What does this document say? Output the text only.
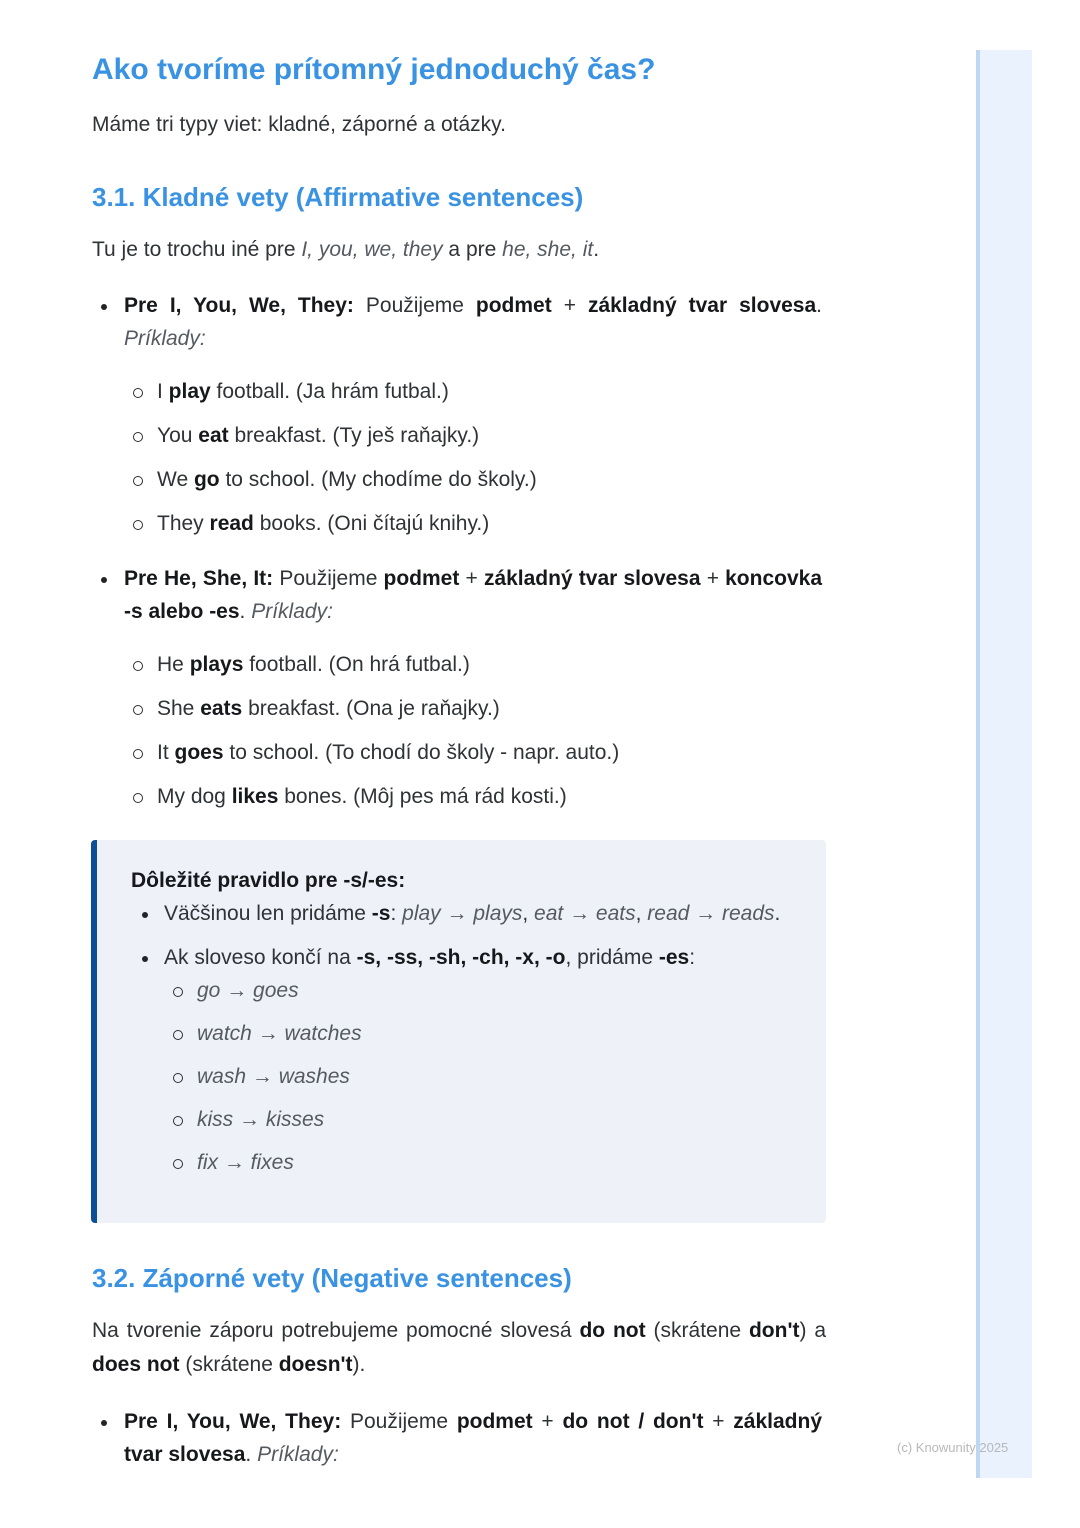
Ako tvoríme prítomný jednoduchý čas?

Máme tri typy viet: kladné, záporné a otázky.

3.1. Kladné vety (Affirmative sentences)

Tu je to trochu iné pre I, you, we, they a pre he, she, it.

Pre I, You, We, They: Použijeme podmet + základný tvar slovesa. Príklady:
I play football. (Ja hrám futbal.)
You eat breakfast. (Ty ješ raňajky.)
We go to school. (My chodíme do školy.)
They read books. (Oni čítajú knihy.)
Pre He, She, It: Použijeme podmet + základný tvar slovesa + koncovka -s alebo -es. Príklady:
He plays football. (On hrá futbal.)
She eats breakfast. (Ona je raňajky.)
It goes to school. (To chodí do školy - napr. auto.)
My dog likes bones. (Môj pes má rád kosti.)
Dôležité pravidlo pre -s/-es:
Väčšinou len pridáme -s: play → plays, eat → eats, read → reads.
Ak sloveso končí na -s, -ss, -sh, -ch, -x, -o, pridáme -es:
go → goes
watch → watches
wash → washes
kiss → kisses
fix → fixes
3.2. Záporné vety (Negative sentences)

Na tvorenie záporu potrebujeme pomocné slovesá do not (skrátene don't) a does not (skrátene doesn't).

Pre I, You, We, They: Použijeme podmet + do not / don't + základný tvar slovesa. Príklady:	(c) Knowunity 2025
